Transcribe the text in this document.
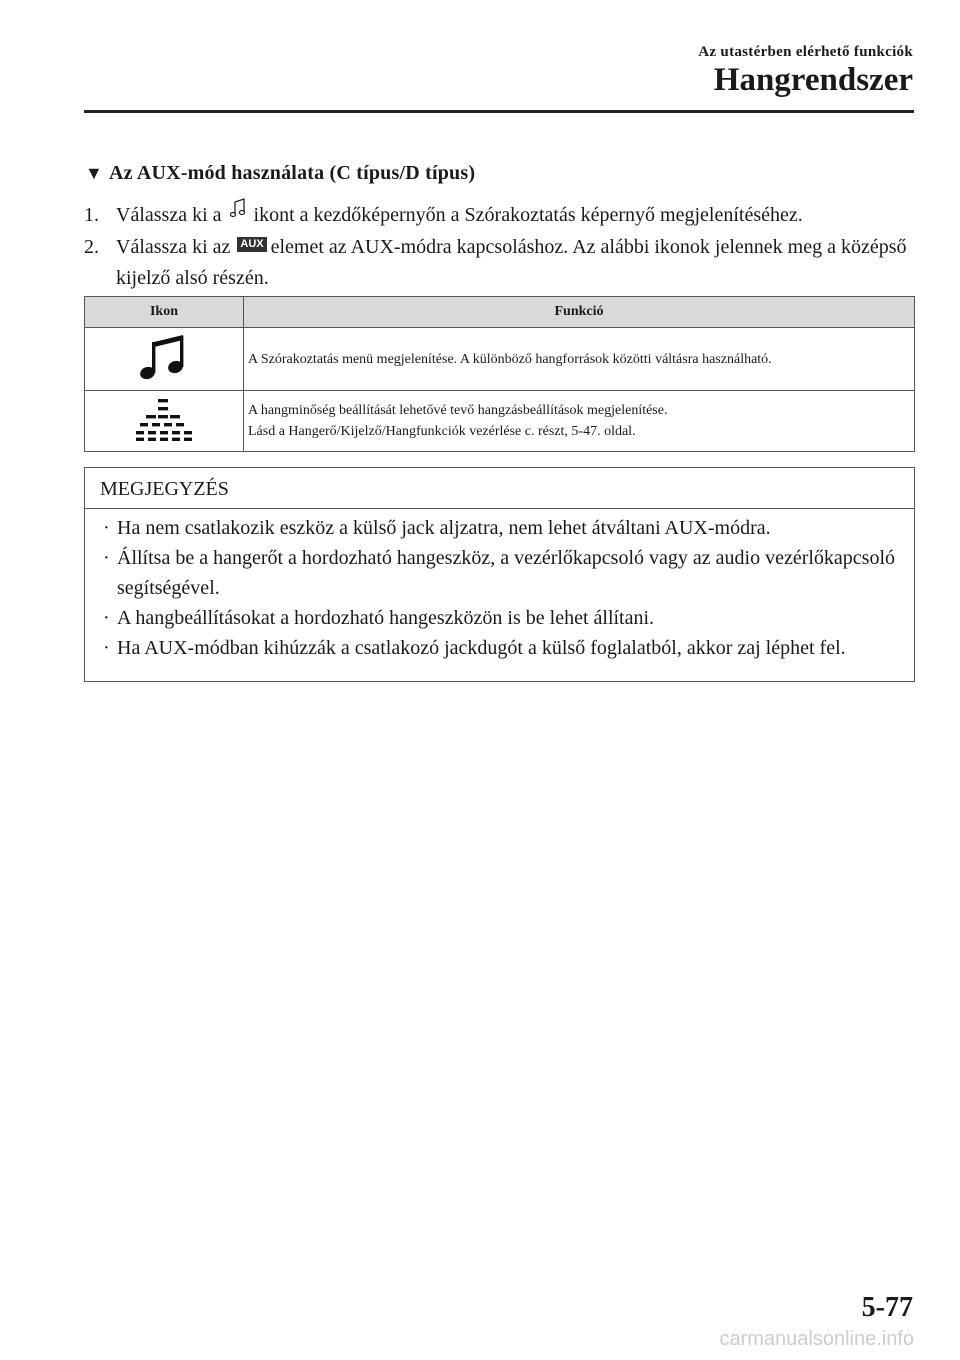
Az utastérben elérhető funkciók
Hangrendszer
▼ Az AUX-mód használata (C típus/D típus)
1. Válassza ki a ikont a kezdőképernyőn a Szórakoztatás képernyő megjelenítéséhez.
2. Válassza ki az AUX elemet az AUX-módra kapcsoláshoz. Az alábbi ikonok jelennek meg a középső kijelző alsó részén.
Ikon	Funkció

A Szórakoztatás menü megjelenítése. A különböző hangforrások közötti váltásra használható.

A hangminőség beállítását lehetővé tevő hangzásbeállítások megjelenítése.
Lásd a Hangerő/Kijelző/Hangfunkciók vezérlése c. részt, 5-47. oldal.
MEGJEGYZÉS
· Ha nem csatlakozik eszköz a külső jack aljzatra, nem lehet átváltani AUX-módra.
· Állítsa be a hangerőt a hordozható hangeszköz, a vezérlőkapcsoló vagy az audio vezérlőkapcsoló segítségével.
· A hangbeállításokat a hordozható hangeszközön is be lehet állítani.
· Ha AUX-módban kihúzzák a csatlakozó jackdugót a külső foglalatból, akkor zaj léphet fel.
5-77
carmanualsonline.info
